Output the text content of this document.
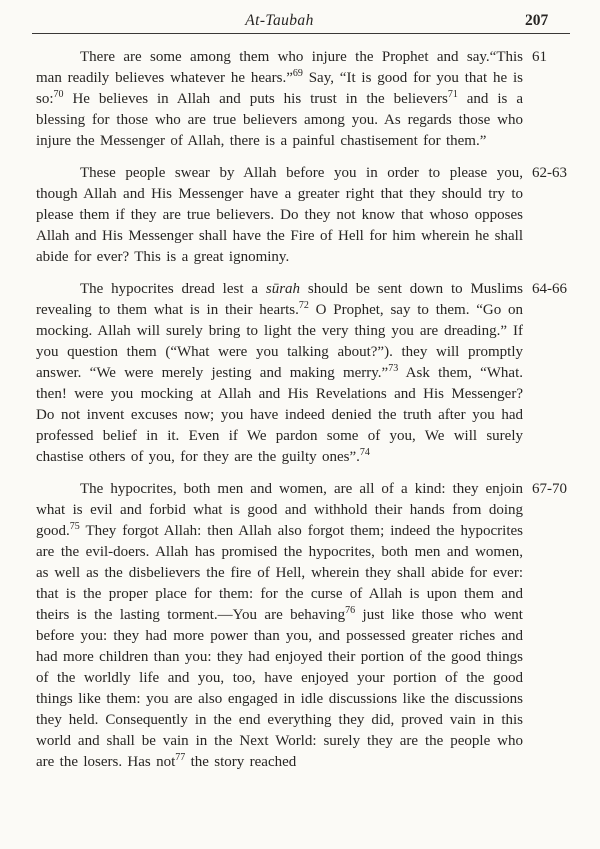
At-Taubah	207

There are some among them who injure the Prophet and say.“This man readily believes whatever he hears.”$^{69}$ Say, “It is good for you that he is so:$^{70}$ He believes in Allah and puts his trust in the believers$^{71}$ and is a blessing for those who are true believers among you. As regards those who injure the Messenger of Allah, there is a painful chastisement for them.”

61

These people swear by Allah before you in order to please you, though Allah and His Messenger have a greater right that they should try to please them if they are true believers. Do they not know that whoso opposes Allah and His Messenger shall have the Fire of Hell for him wherein he shall abide for ever? This is a great ignominy.

62-63

The hypocrites dread lest a sūrah should be sent down to Muslims revealing to them what is in their hearts.$^{72}$ O Prophet, say to them. “Go on mocking. Allah will surely bring to light the very thing you are dreading.” If you question them (“What were you talking about?”). they will promptly answer. “We were merely jesting and making merry.”$^{73}$ Ask them, “What. then! were you mocking at Allah and His Revelations and His Messenger? Do not invent excuses now; you have indeed denied the truth after you had professed belief in it. Even if We pardon some of you, We will surely chastise others of you, for they are the guilty ones”.$^{74}$

64-66

The hypocrites, both men and women, are all of a kind: they enjoin what is evil and forbid what is good and withhold their hands from doing good.$^{75}$ They forgot Allah: then Allah also forgot them; indeed the hypocrites are the evil-doers. Allah has promised the hypocrites, both men and women, as well as the disbelievers the fire of Hell, wherein they shall abide for ever: that is the proper place for them: for the curse of Allah is upon them and theirs is the lasting torment.—You are behaving$^{76}$ just like those who went before you: they had more power than you, and possessed greater riches and had more children than you: they had enjoyed their portion of the good things of the worldly life and you, too, have enjoyed your portion of the good things like them: you are also engaged in idle discussions like the discussions they held. Consequently in the end everything they did, proved vain in this world and shall be vain in the Next World: surely they are the people who are the losers. Has not$^{77}$ the story reached

67-70
